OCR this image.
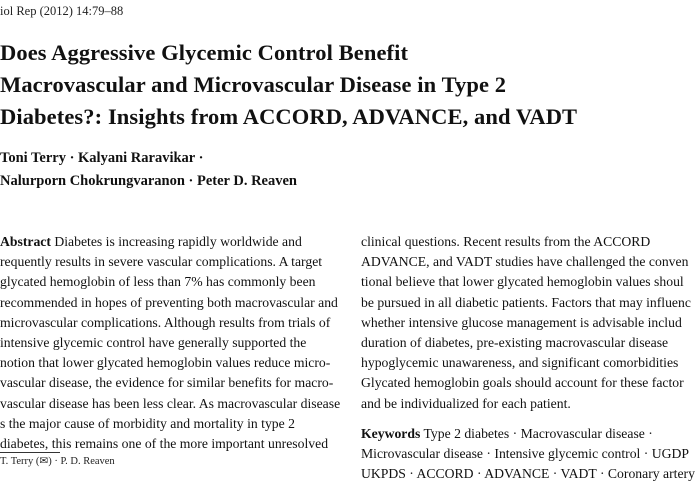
iol Rep (2012) 14:79–88
Does Aggressive Glycemic Control Benefit
Macrovascular and Microvascular Disease in Type 2
Diabetes?: Insights from ACCORD, ADVANCE, and VADT
Toni Terry · Kalyani Raravikar ·
Nalurporn Chokrungvaranon · Peter D. Reaven
Abstract Diabetes is increasing rapidly worldwide and
requently results in severe vascular complications. A target
glycated hemoglobin of less than 7% has commonly been
recommended in hopes of preventing both macrovascular and
microvascular complications. Although results from trials of
intensive glycemic control have generally supported the
notion that lower glycated hemoglobin values reduce micro-
vascular disease, the evidence for similar benefits for macro-
vascular disease has been less clear. As macrovascular disease
s the major cause of morbidity and mortality in type 2
diabetes, this remains one of the more important unresolved
clinical questions. Recent results from the ACCORD
ADVANCE, and VADT studies have challenged the conven
tional believe that lower glycated hemoglobin values shoul
be pursued in all diabetic patients. Factors that may influenc
whether intensive glucose management is advisable includ
duration of diabetes, pre-existing macrovascular disease
hypoglycemic unawareness, and significant comorbidities
Glycated hemoglobin goals should account for these factor
and be individualized for each patient.
Keywords Type 2 diabetes · Macrovascular disease ·
Microvascular disease · Intensive glycemic control · UGDP
UKPDS · ACCORD · ADVANCE · VADT · Coronary artery
T. Terry (✉) · P. D. Reaven
